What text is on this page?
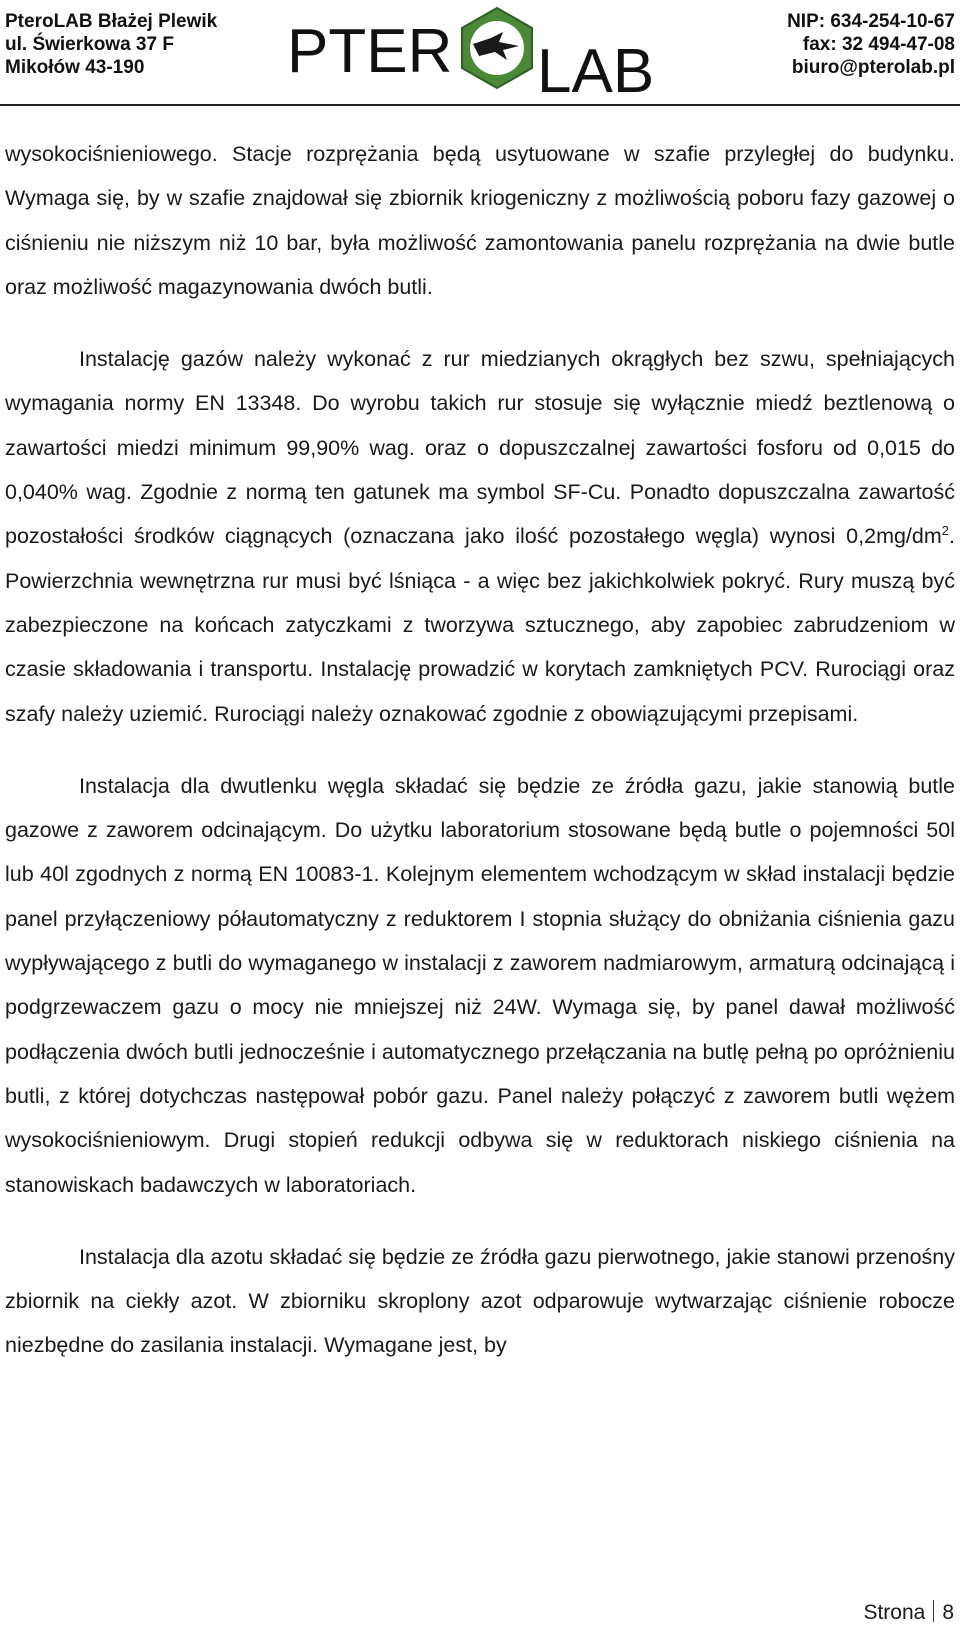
PteroLAB Błażej Plewik
ul. Świerkowa 37 F
Mikołów 43-190	PTER LAB
NIP: 634-254-10-67
fax: 32 494-47-08
biuro@pterolab.pl

wysokociśnieniowego. Stacje rozprężania będą usytuowane w szafie przyległej do budynku. Wymaga się, by w szafie znajdował się zbiornik kriogeniczny z możliwością poboru fazy gazowej o ciśnieniu nie niższym niż 10 bar, była możliwość zamontowania panelu rozprężania na dwie butle oraz możliwość magazynowania dwóch butli.

Instalację gazów należy wykonać z rur miedzianych okrągłych bez szwu, spełniających wymagania normy EN 13348. Do wyrobu takich rur stosuje się wyłącznie miedź beztlenową o zawartości miedzi minimum 99,90% wag. oraz o dopuszczalnej zawartości fosforu od 0,015 do 0,040% wag. Zgodnie z normą ten gatunek ma symbol SF-Cu. Ponadto dopuszczalna zawartość pozostałości środków ciągnących (oznaczana jako ilość pozostałego węgla) wynosi $0,2mg/dm^2$. Powierzchnia wewnętrzna rur musi być lśniąca - a więc bez jakichkolwiek pokryć. Rury muszą być zabezpieczone na końcach zatyczkami z tworzywa sztucznego, aby zapobiec zabrudzeniom w czasie składowania i transportu. Instalację prowadzić w korytach zamkniętych PCV. Rurociągi oraz szafy należy uziemić. Rurociągi należy oznakować zgodnie z obowiązującymi przepisami.

Instalacja dla dwutlenku węgla składać się będzie ze źródła gazu, jakie stanowią butle gazowe z zaworem odcinającym. Do użytku laboratorium stosowane będą butle o pojemności 50l lub 40l zgodnych z normą EN 10083-1. Kolejnym elementem wchodzącym w skład instalacji będzie panel przyłączeniowy półautomatyczny z reduktorem I stopnia służący do obniżania ciśnienia gazu wypływającego z butli do wymaganego w instalacji z zaworem nadmiarowym, armaturą odcinającą i podgrzewaczem gazu o mocy nie mniejszej niż 24W. Wymaga się, by panel dawał możliwość podłączenia dwóch butli jednocześnie i automatycznego przełączania na butlę pełną po opróżnieniu butli, z której dotychczas następował pobór gazu. Panel należy połączyć z zaworem butli wężem wysokociśnieniowym. Drugi stopień redukcji odbywa się w reduktorach niskiego ciśnienia na stanowiskach badawczych w laboratoriach.

Instalacja dla azotu składać się będzie ze źródła gazu pierwotnego, jakie stanowi przenośny zbiornik na ciekły azot. W zbiorniku skroplony azot odparowuje wytwarzając ciśnienie robocze niezbędne do zasilania instalacji. Wymagane jest, by

Strona 8
